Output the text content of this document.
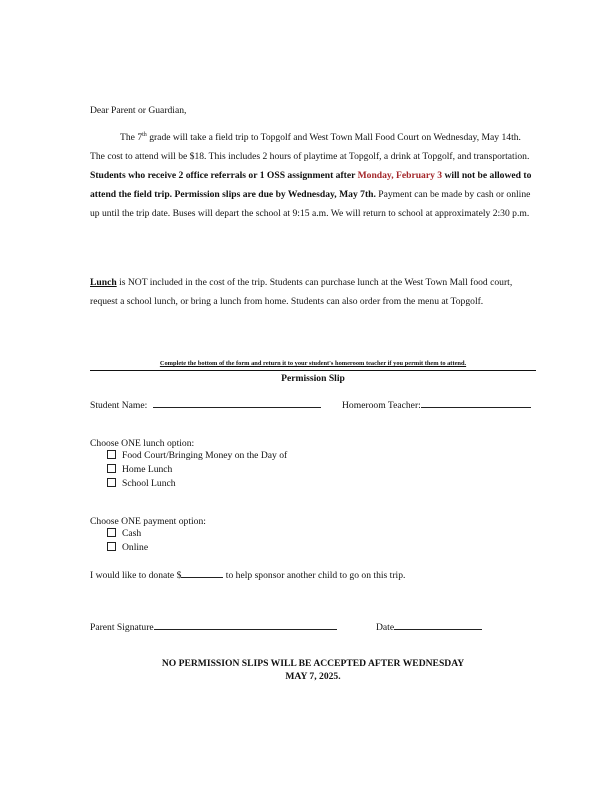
Dear Parent or Guardian,
The 7th grade will take a field trip to Topgolf and West Town Mall Food Court on Wednesday, May 14th. The cost to attend will be $18. This includes 2 hours of playtime at Topgolf, a drink at Topgolf, and transportation. Students who receive 2 office referrals or 1 OSS assignment after Monday, February 3 will not be allowed to attend the field trip. Permission slips are due by Wednesday, May 7th. Payment can be made by cash or online up until the trip date. Buses will depart the school at 9:15 a.m. We will return to school at approximately 2:30 p.m.
Lunch is NOT included in the cost of the trip. Students can purchase lunch at the West Town Mall food court, request a school lunch, or bring a lunch from home. Students can also order from the menu at Topgolf.
Complete the bottom of the form and return it to your student's homeroom teacher if you permit them to attend.
Permission Slip
Student Name:	Homeroom Teacher:
Choose ONE lunch option:
Food Court/Bringing Money on the Day of
Home Lunch
School Lunch
Choose ONE payment option:
Cash
Online
I would like to donate $	to help sponsor another child to go on this trip.
Parent Signature	Date
NO PERMISSION SLIPS WILL BE ACCEPTED AFTER WEDNESDAY
MAY 7, 2025.
